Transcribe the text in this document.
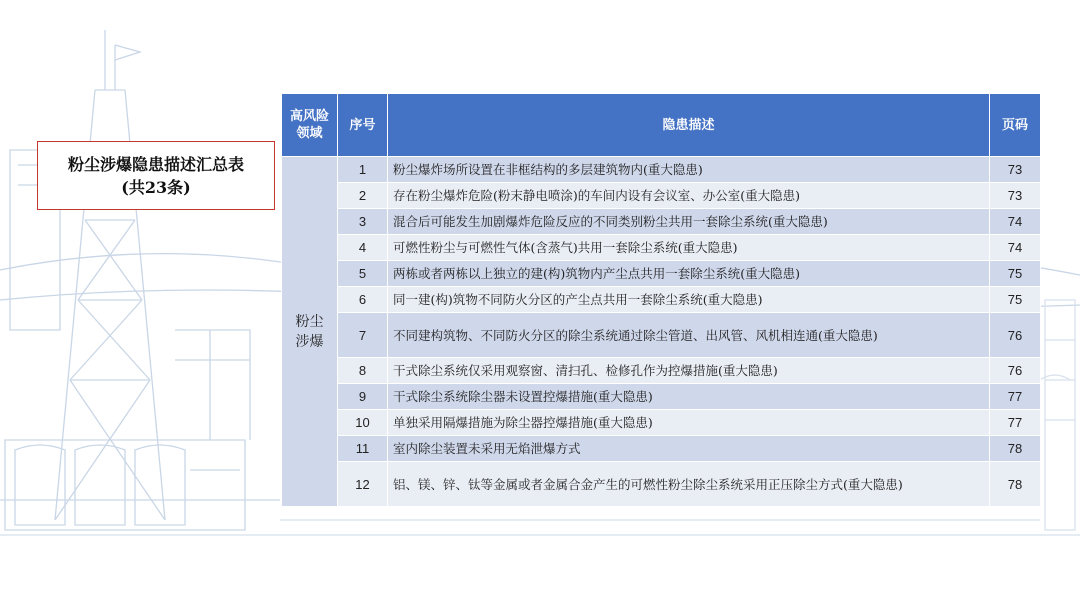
粉尘涉爆隐患描述汇总表
(共23条)
高风险领域	序号	隐患描述	页码

粉尘涉爆	1	粉尘爆炸场所设置在非框结构的多层建筑物内(重大隐患)	73
	2	存在粉尘爆炸危险(粉末静电喷涂)的车间内设有会议室、办公室(重大隐患)	73
	3	混合后可能发生加剧爆炸危险反应的不同类别粉尘共用一套除尘系统(重大隐患)	74
	4	可燃性粉尘与可燃性气体(含蒸气)共用一套除尘系统(重大隐患)	74
	5	两栋或者两栋以上独立的建(构)筑物内产尘点共用一套除尘系统(重大隐患)	75
	6	同一建(构)筑物不同防火分区的产尘点共用一套除尘系统(重大隐患)	75
	7	不同建构筑物、不同防火分区的除尘系统通过除尘管道、出风管、风机相连通(重大隐患)	76
	8	干式除尘系统仅采用观察窗、清扫孔、检修孔作为控爆措施(重大隐患)	76
	9	干式除尘系统除尘器未设置控爆措施(重大隐患)	77
	10	单独采用隔爆措施为除尘器控爆措施(重大隐患)	77
	11	室内除尘装置未采用无焰泄爆方式	78
	12	铝、镁、锌、钛等金属或者金属合金产生的可燃性粉尘除尘系统采用正压除尘方式(重大隐患)	78
